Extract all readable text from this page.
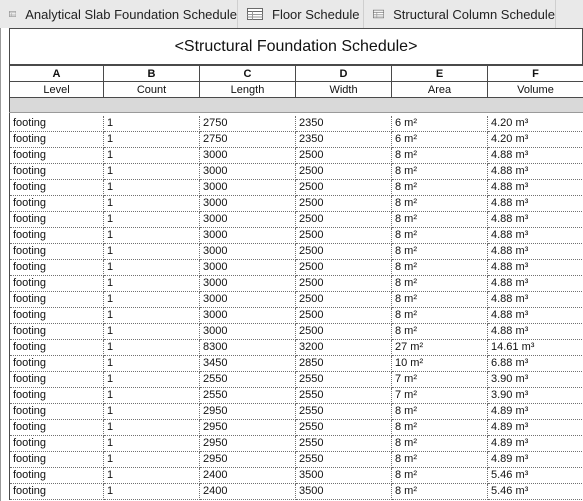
Analytical Slab Foundation Schedule	Floor Schedule	Structural Column Schedule
<Structural Foundation Schedule>
A	B	C	D	E	F
Level	Count	Length	Width	Area	Volume

footing	1	2750	2350	6 m²	4.20 m³
footing	1	2750	2350	6 m²	4.20 m³
footing	1	3000	2500	8 m²	4.88 m³
footing	1	3000	2500	8 m²	4.88 m³
footing	1	3000	2500	8 m²	4.88 m³
footing	1	3000	2500	8 m²	4.88 m³
footing	1	3000	2500	8 m²	4.88 m³
footing	1	3000	2500	8 m²	4.88 m³
footing	1	3000	2500	8 m²	4.88 m³
footing	1	3000	2500	8 m²	4.88 m³
footing	1	3000	2500	8 m²	4.88 m³
footing	1	3000	2500	8 m²	4.88 m³
footing	1	3000	2500	8 m²	4.88 m³
footing	1	3000	2500	8 m²	4.88 m³
footing	1	8300	3200	27 m²	14.61 m³
footing	1	3450	2850	10 m²	6.88 m³
footing	1	2550	2550	7 m²	3.90 m³
footing	1	2550	2550	7 m²	3.90 m³
footing	1	2950	2550	8 m²	4.89 m³
footing	1	2950	2550	8 m²	4.89 m³
footing	1	2950	2550	8 m²	4.89 m³
footing	1	2950	2550	8 m²	4.89 m³
footing	1	2400	3500	8 m²	5.46 m³
footing	1	2400	3500	8 m²	5.46 m³
